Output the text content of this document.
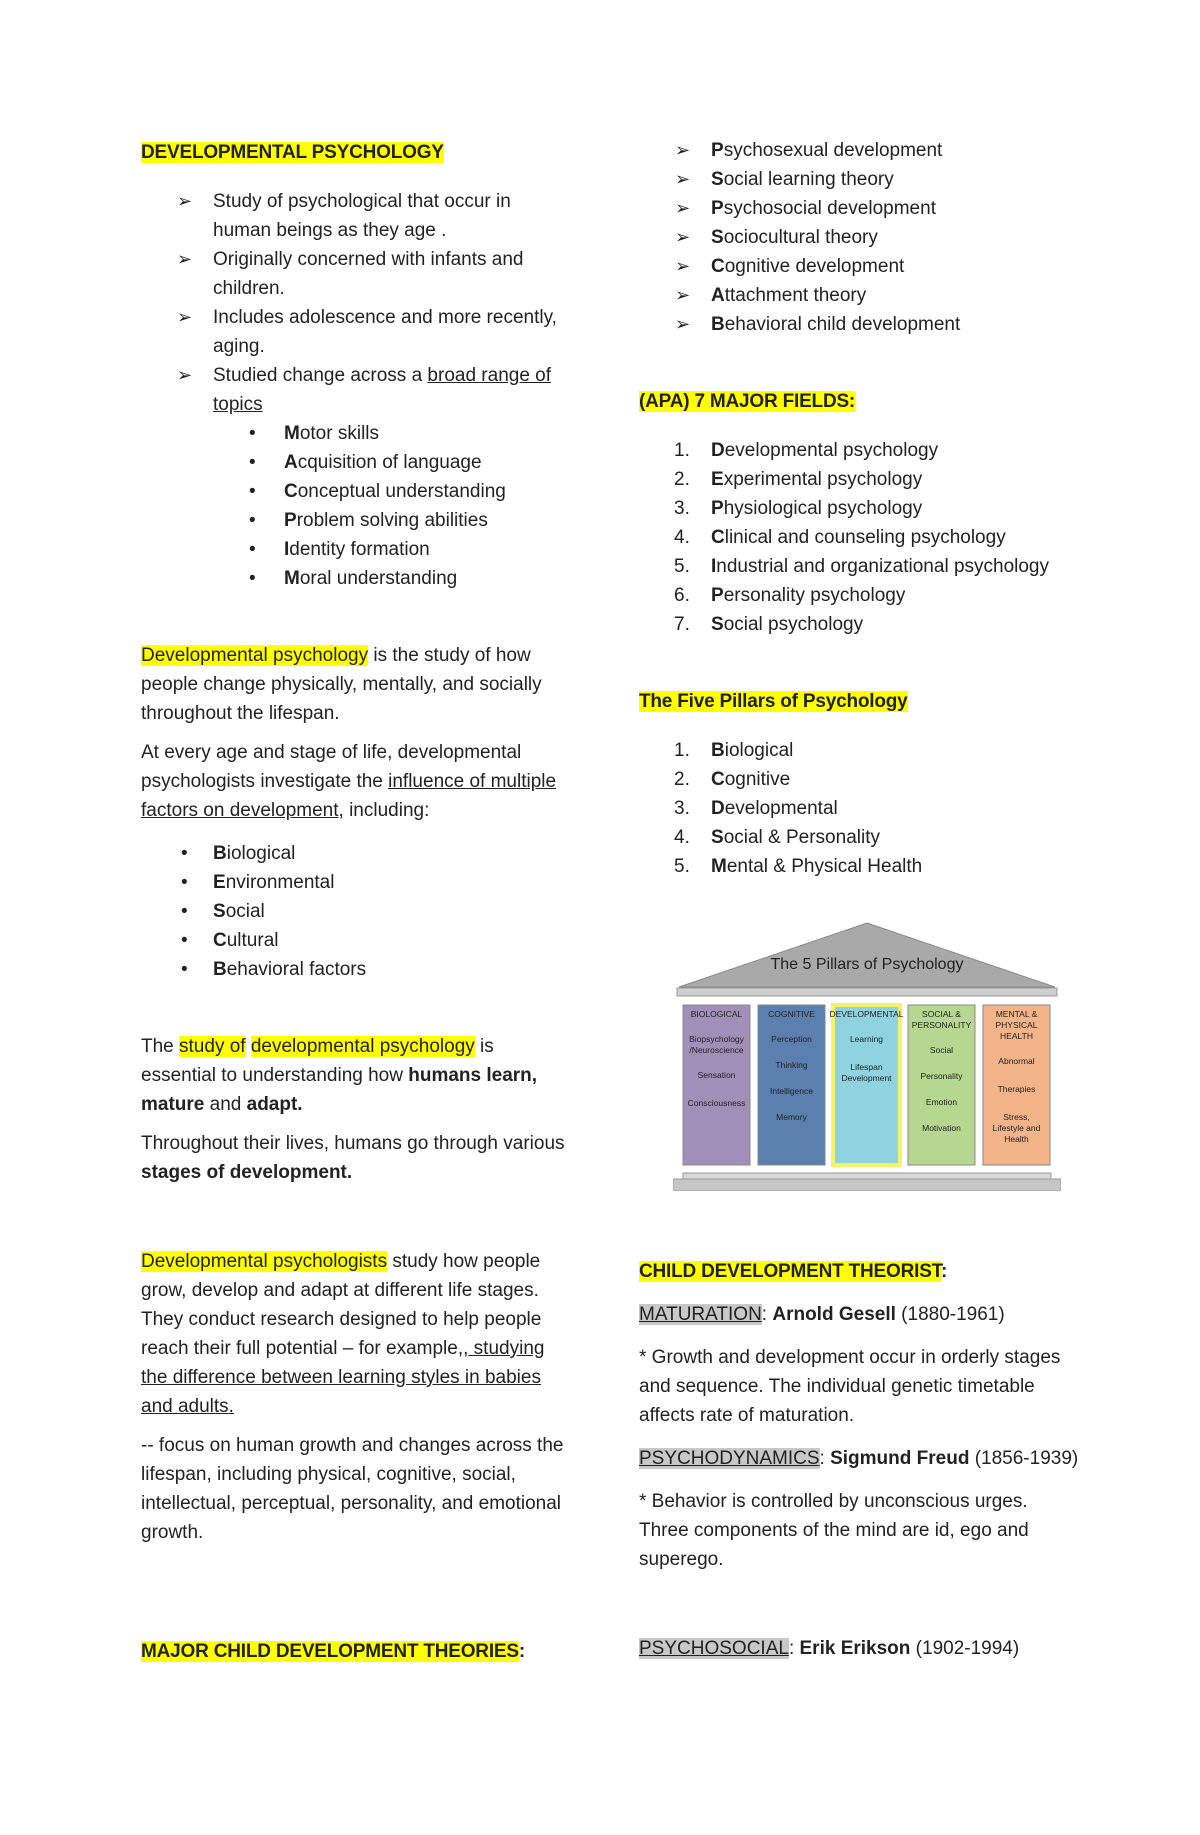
DEVELOPMENTAL PSYCHOLOGY

➢ Study of psychological that occur in human beings as they age .
➢ Originally concerned with infants and children.
➢ Includes adolescence and more recently, aging.
➢ Studied change across a broad range of topics
• Motor skills
• Acquisition of language
• Conceptual understanding
• Problem solving abilities
• Identity formation
• Moral understanding

Developmental psychology is the study of how people change physically, mentally, and socially throughout the lifespan.

At every age and stage of life, developmental psychologists investigate the influence of multiple factors on development, including:

• Biological
• Environmental
• Social
• Cultural
• Behavioral factors

The study of developmental psychology is essential to understanding how humans learn, mature and adapt.

Throughout their lives, humans go through various stages of development.

Developmental psychologists study how people grow, develop and adapt at different life stages. They conduct research designed to help people reach their full potential – for example,, studying the difference between learning styles in babies and adults.

-- focus on human growth and changes across the lifespan, including physical, cognitive, social, intellectual, perceptual, personality, and emotional growth.

MAJOR CHILD DEVELOPMENT THEORIES:

➢ Psychosexual development
➢ Social learning theory
➢ Psychosocial development
➢ Sociocultural theory
➢ Cognitive development
➢ Attachment theory
➢ Behavioral child development

(APA) 7 MAJOR FIELDS:

1. Developmental psychology
2. Experimental psychology
3. Physiological psychology
4. Clinical and counseling psychology
5. Industrial and organizational psychology
6. Personality psychology
7. Social psychology

The Five Pillars of Psychology

1. Biological
2. Cognitive
3. Developmental
4. Social & Personality
5. Mental & Physical Health
The 5 Pillars of Psychology
BIOLOGICAL
Biopsychology
/Neuroscience
Sensation
Consciousness
COGNITIVE
Perception
Thinking
Intelligence
Memory
DEVELOPMENTAL
Learning
Lifespan
Development
SOCIAL &
PERSONALITY
Social
Personality
Emotion
Motivation
MENTAL &
PHYSICAL
HEALTH
Abnormal
Therapies
Stress,
Lifestyle and
Health

CHILD DEVELOPMENT THEORIST:

MATURATION: Arnold Gesell (1880-1961)

* Growth and development occur in orderly stages and sequence. The individual genetic timetable affects rate of maturation.

PSYCHODYNAMICS: Sigmund Freud (1856-1939)

* Behavior is controlled by unconscious urges. Three components of the mind are id, ego and superego.

PSYCHOSOCIAL: Erik Erikson (1902-1994)
